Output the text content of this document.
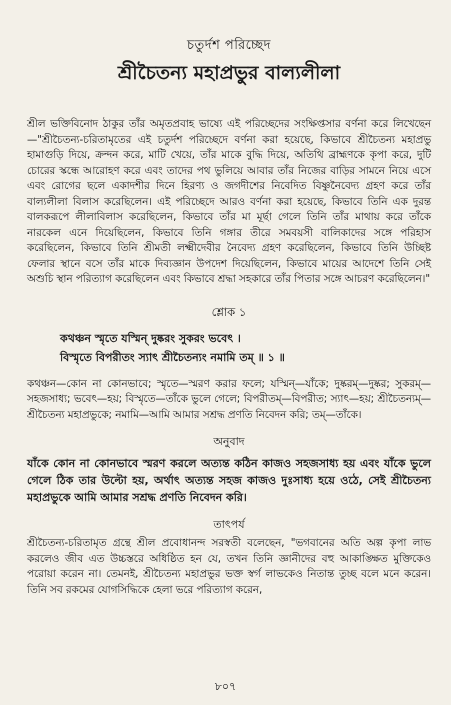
চতুর্দশ পরিচ্ছেদ
শ্রীচৈতন্য মহাপ্রভুর বাল্যলীলা
শ্রীল ভক্তিবিনোদ ঠাকুর তাঁর অমৃতপ্রবাহ ভাষ্যে এই পরিচ্ছেদের সংক্ষিপ্তসার বর্ণনা করে লিখেছেন—"শ্রীচৈতন্য-চরিতামৃতের এই চতুর্দশ পরিচ্ছেদে বর্ণনা করা হয়েছে, কিভাবে শ্রীচৈতন্য মহাপ্রভু হামাগুড়ি দিয়ে, ক্রন্দন করে, মাটি খেয়ে, তাঁর মাকে বুদ্ধি দিয়ে, অতিথি ব্রাহ্মণকে কৃপা করে, দুটি চোরের স্কন্ধে আরোহণ করে এবং তাদের পথ ভুলিয়ে আবার তাঁর নিজের বাড়ির সামনে নিয়ে এসে এবং রোগের ছলে একাদশীর দিনে হিরণ্য ও জগদীশের নিবেদিত বিষ্ণুনৈবেদ্য গ্রহণ করে তাঁর বাল্যলীলা বিলাস করেছিলেন। এই পরিচ্ছেদে আরও বর্ণনা করা হয়েছে, কিভাবে তিনি এক দুরন্ত বালকরূপে লীলাবিলাস করেছিলেন, কিভাবে তাঁর মা মূর্ছা গেলে তিনি তাঁর মাথায় করে তাঁকে নারকেল এনে দিয়েছিলেন, কিভাবে তিনি গঙ্গার তীরে সমবয়সী বালিকাদের সঙ্গে পরিহাস করেছিলেন, কিভাবে তিনি শ্রীমতী লক্ষ্মীদেবীর নৈবেদ্য গ্রহণ করেছিলেন, কিভাবে তিনি উচ্ছিষ্ট ফেলার স্থানে বসে তাঁর মাকে দিব্যজ্ঞান উপদেশ দিয়েছিলেন, কিভাবে মায়ের আদেশে তিনি সেই অশুচি স্থান পরিত্যাগ করেছিলেন এবং কিভাবে শ্রদ্ধা সহকারে তাঁর পিতার সঙ্গে আচরণ করেছিলেন।"
শ্লোক ১
কথঞ্চন স্মৃতে যস্মিন্ দুষ্করং সুকরং ভবেৎ ।
বিস্মৃতে বিপরীতং স্যাৎ শ্রীচৈতন্যং নমামি তম্ ॥ ১ ॥
কথঞ্চন—কোন না কোনভাবে; স্মৃতে—স্মরণ করার ফলে; যস্মিন্—যাঁকে; দুষ্করম্—দুষ্কর; সুকরম্—সহজসাধ্য; ভবেৎ—হয়; বিস্মৃতে—তাঁকে ভুলে গেলে; বিপরীতম্—বিপরীত; স্যাৎ—হয়; শ্রীচৈতন্যম্—শ্রীচৈতন্য মহাপ্রভুকে; নমামি—আমি আমার সশ্রদ্ধ প্রণতি নিবেদন করি; তম্—তাঁকে।
অনুবাদ
যাঁকে কোন না কোনভাবে স্মরণ করলে অত্যন্ত কঠিন কাজও সহজসাধ্য হয় এবং যাঁকে ভুলে গেলে ঠিক তার উল্টো হয়, অর্থাৎ অত্যন্ত সহজ কাজও দুঃসাধ্য হয়ে ওঠে, সেই শ্রীচৈতন্য মহাপ্রভুকে আমি আমার সশ্রদ্ধ প্রণতি নিবেদন করি।
তাৎপর্য
শ্রীচৈতন্য-চরিতামৃত গ্রন্থে শ্রীল প্রবোধানন্দ সরস্বতী বলেছেন, "ভগবানের অতি অল্প কৃপা লাভ করলেও জীব এত উচ্চস্তরে অধিষ্ঠিত হন যে, তখন তিনি জ্ঞানীদের বহু আকাঙ্ক্ষিত মুক্তিকেও পরোয়া করেন না। তেমনই, শ্রীচৈতন্য মহাপ্রভুর ভক্ত স্বর্গ লাভকেও নিতান্ত তুচ্ছ বলে মনে করেন। তিনি সব রকমের যোগসিদ্ধিকে হেলা ভরে পরিত্যাগ করেন,
৮০৭
